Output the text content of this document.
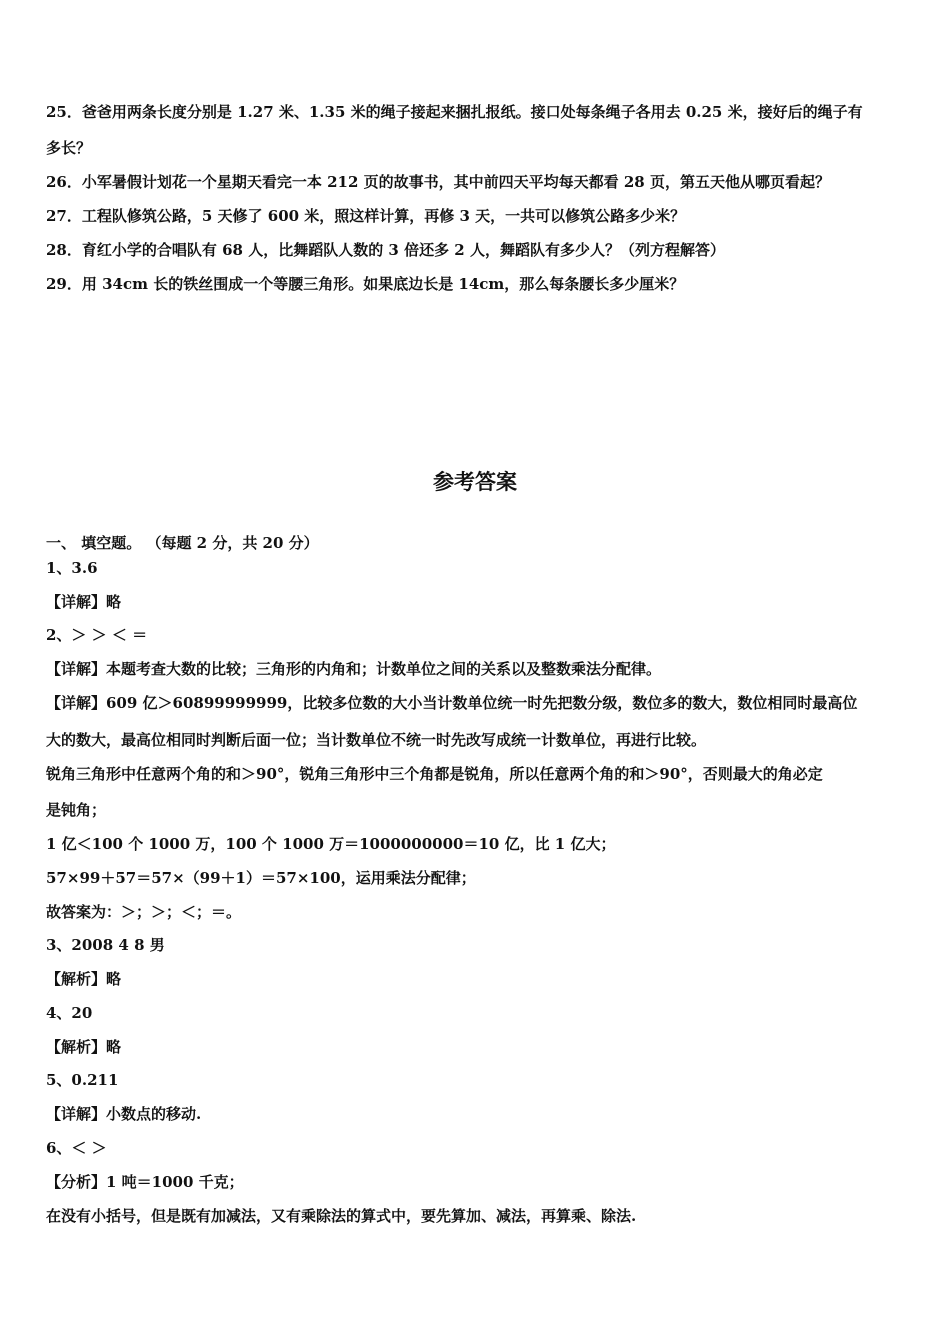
25．爸爸用两条长度分别是 1.27 米、1.35 米的绳子接起来捆扎报纸。接口处每条绳子各用去 0.25 米，接好后的绳子有
多长？
26．小军暑假计划花一个星期天看完一本 212 页的故事书，其中前四天平均每天都看 28 页，第五天他从哪页看起？
27．工程队修筑公路，5 天修了 600 米，照这样计算，再修 3 天，一共可以修筑公路多少米？
28．育红小学的合唱队有 68 人，比舞蹈队人数的 3 倍还多 2 人，舞蹈队有多少人？（列方程解答）
29．用 34cm 长的铁丝围成一个等腰三角形。如果底边长是 14cm，那么每条腰长多少厘米？
参考答案
一、 填空题。 （每题 2 分，共 20 分）
1、3.6
【详解】略
2、＞ ＞ ＜ ＝
【详解】本题考查大数的比较；三角形的内角和；计数单位之间的关系以及整数乘法分配律。
【详解】609 亿＞60899999999，比较多位数的大小当计数单位统一时先把数分级，数位多的数大，数位相同时最高位
大的数大，最高位相同时判断后面一位；当计数单位不统一时先改写成统一计数单位，再进行比较。
锐角三角形中任意两个角的和＞90°，锐角三角形中三个角都是锐角，所以任意两个角的和＞90°，否则最大的角必定
是钝角；
1 亿＜100 个 1000 万，100 个 1000 万＝1000000000＝10 亿，比 1 亿大；
57×99＋57＝57×（99＋1）＝57×100，运用乘法分配律；
故答案为：＞；＞；＜；＝。
3、2008 4 8 男
【解析】略
4、20
【解析】略
5、0.211
【详解】小数点的移动.
6、＜ ＞
【分析】1 吨＝1000 千克；
在没有小括号，但是既有加减法，又有乘除法的算式中，要先算加、减法，再算乘、除法.
